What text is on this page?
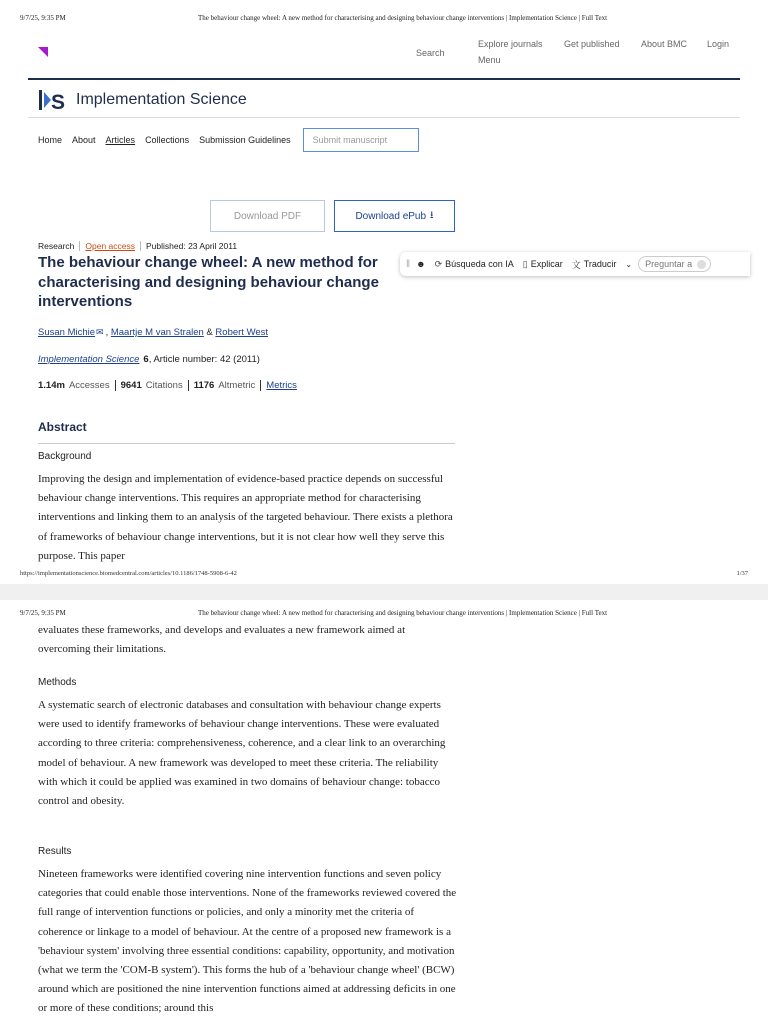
9/7/25, 9:35 PM	The behaviour change wheel: A new method for characterising and designing behaviour change interventions | Implementation Science | Full Text
Search
Explore journals
Menu
Get published About BMC Login
S Implementation Science
Home About Articles Collections Submission Guidelines	Submit manuscript
Download PDF	Download ePub ⭳
Research Open access Published: 23 April 2011
The behaviour change wheel: A new method for characterising and designing behaviour change interventions
‖ ☻ ⟳ Búsqueda con IA ▯ Explicar 文 Traducir ⌄ Preguntar a
Susan Michie✉ , Maartje M van Stralen & Robert West
Implementation Science 6, Article number: 42 (2011)
1.14m Accesses 9641 Citations 1176 Altmetric Metrics
Abstract
Background

Improving the design and implementation of evidence-based practice depends on successful behaviour change interventions. This requires an appropriate method for characterising interventions and linking them to an analysis of the targeted behaviour. There exists a plethora of frameworks of behaviour change interventions, but it is not clear how well they serve this purpose. This paper

https://implementationscience.biomedcentral.com/articles/10.1186/1748-5908-6-42	1/37
9/7/25, 9:35 PM	The behaviour change wheel: A new method for characterising and designing behaviour change interventions | Implementation Science | Full Text

evaluates these frameworks, and develops and evaluates a new framework aimed at overcoming their limitations.

Methods

A systematic search of electronic databases and consultation with behaviour change experts were used to identify frameworks of behaviour change interventions. These were evaluated according to three criteria: comprehensiveness, coherence, and a clear link to an overarching model of behaviour. A new framework was developed to meet these criteria. The reliability with which it could be applied was examined in two domains of behaviour change: tobacco control and obesity.

Results

Nineteen frameworks were identified covering nine intervention functions and seven policy categories that could enable those interventions. None of the frameworks reviewed covered the full range of intervention functions or policies, and only a minority met the criteria of coherence or linkage to a model of behaviour. At the centre of a proposed new framework is a 'behaviour system' involving three essential conditions: capability, opportunity, and motivation (what we term the 'COM-B system'). This forms the hub of a 'behaviour change wheel' (BCW) around which are positioned the nine intervention functions aimed at addressing deficits in one or more of these conditions; around this
